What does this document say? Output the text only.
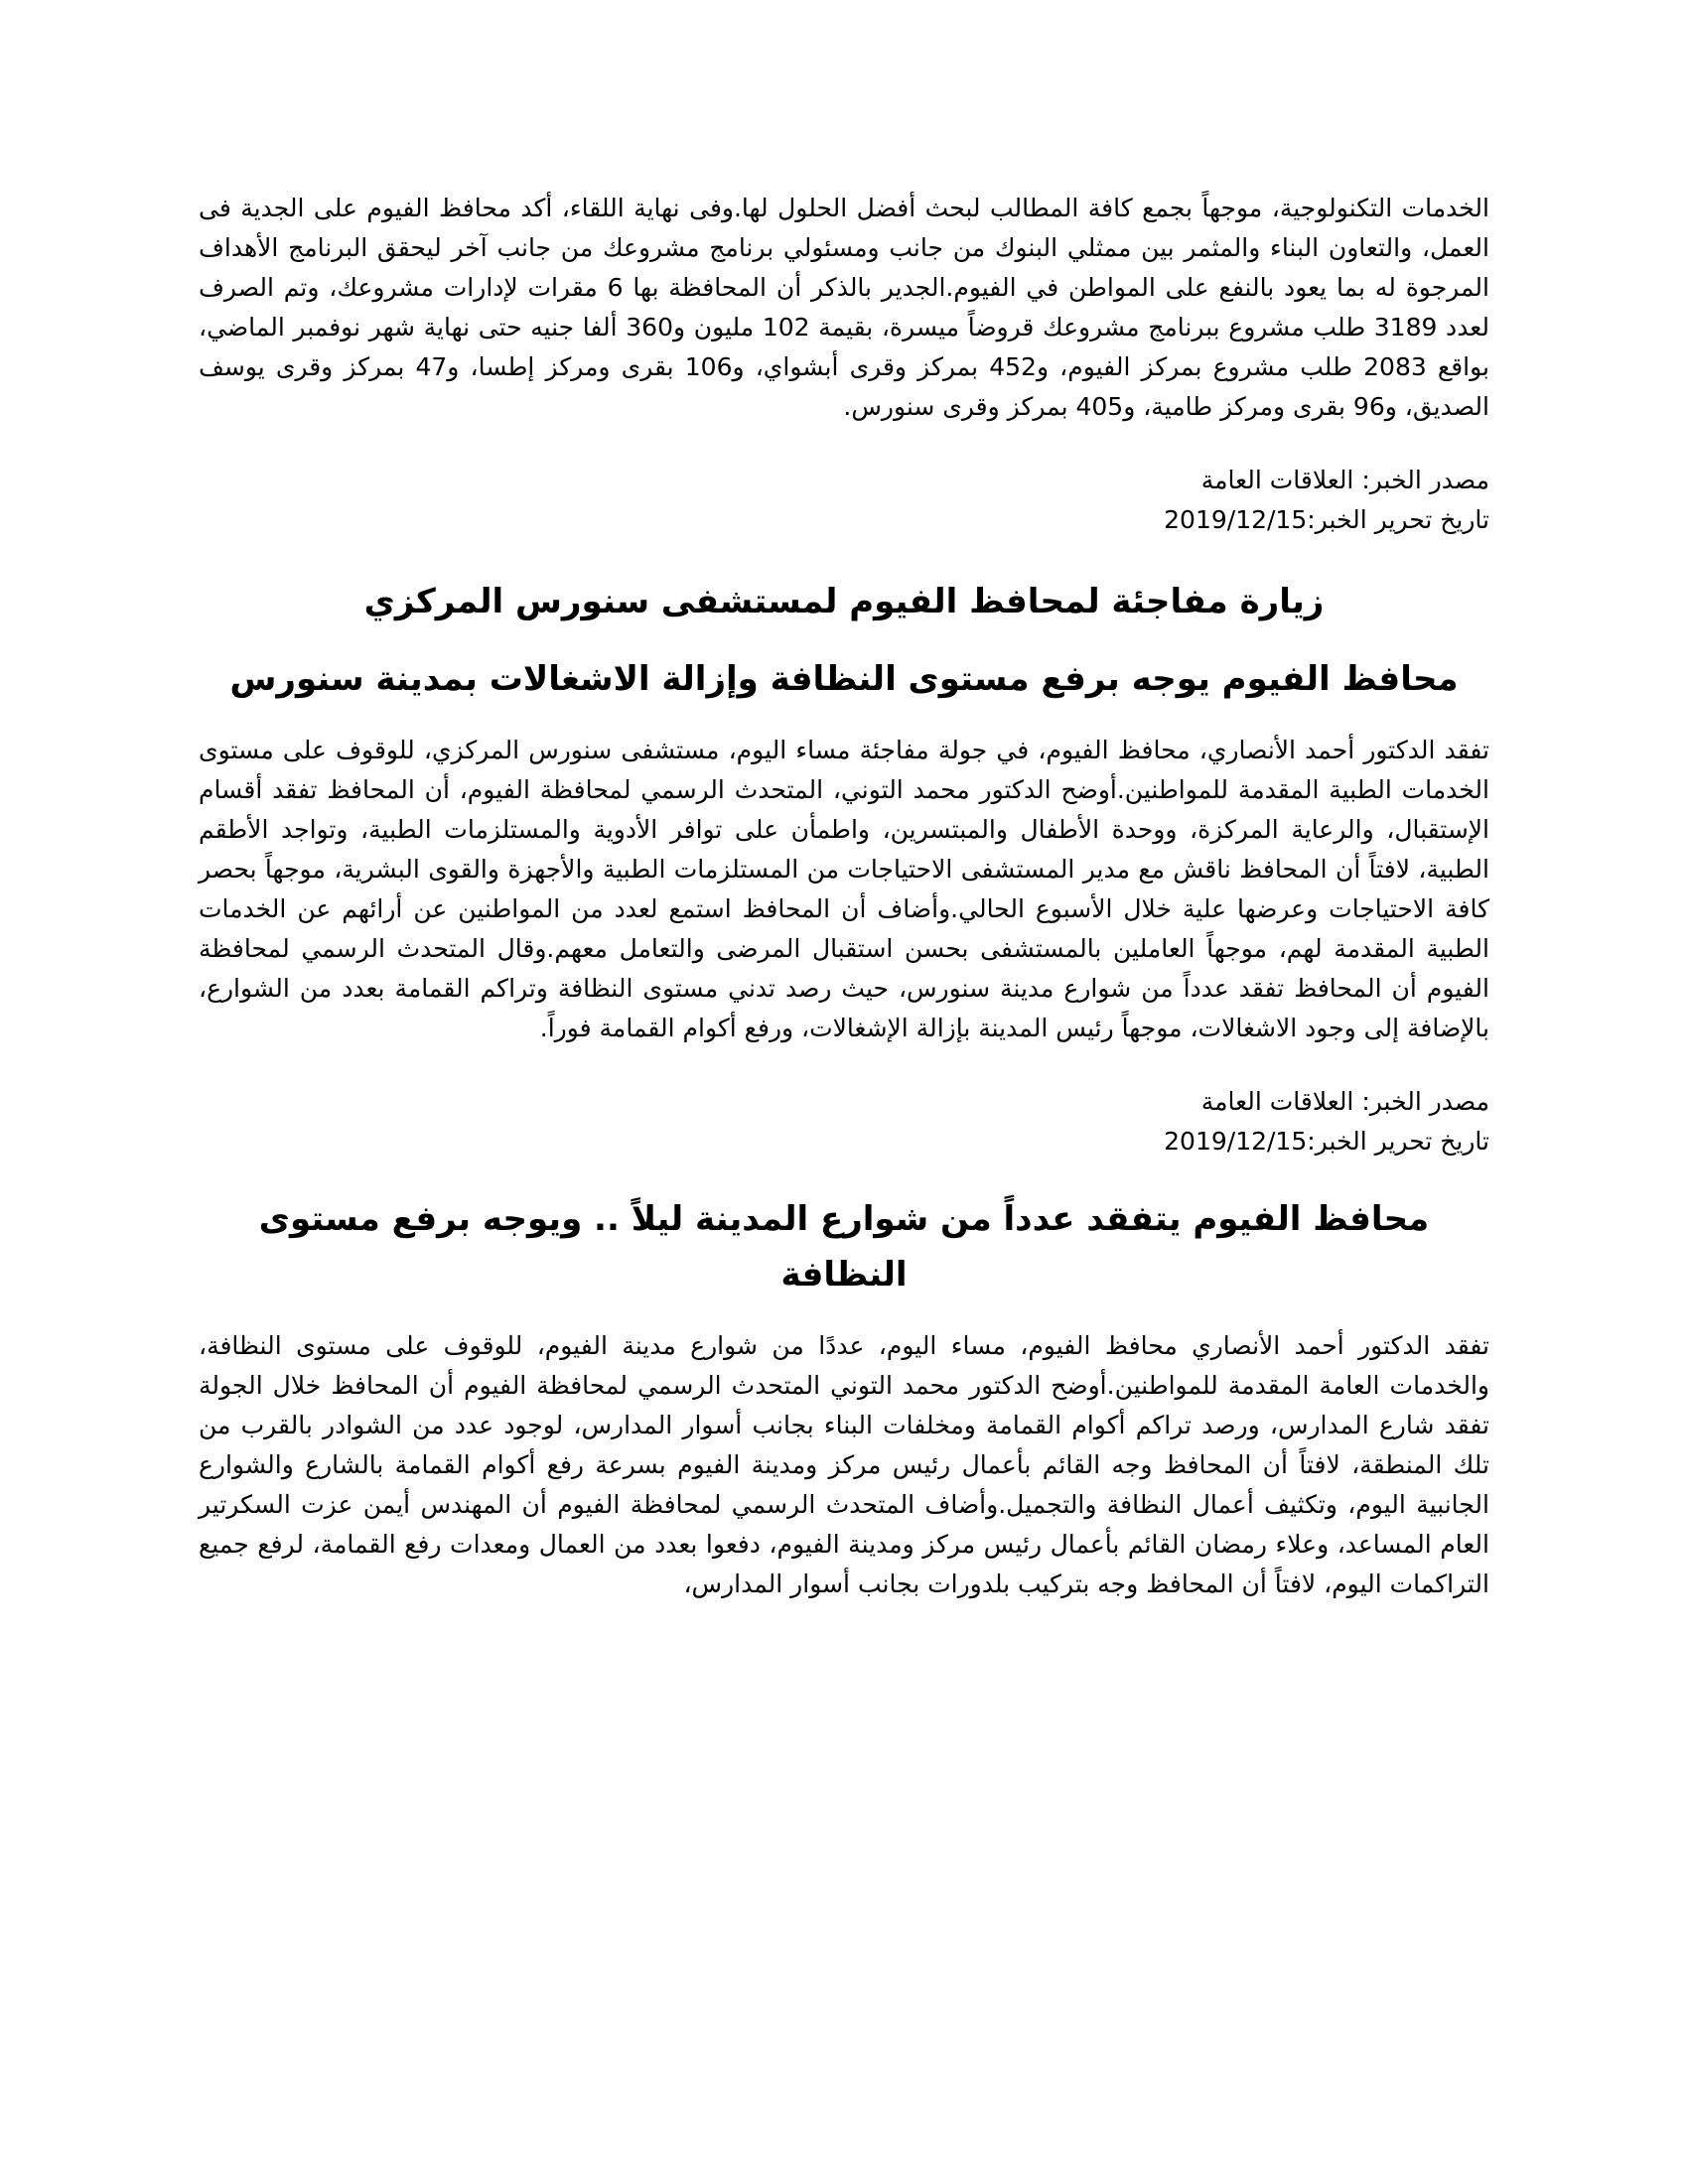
الخدمات التكنولوجية، موجهاً بجمع كافة المطالب لبحث أفضل الحلول لها.وفى نهاية اللقاء، أكد محافظ الفيوم على الجدية فى العمل، والتعاون البناء والمثمر بين ممثلي البنوك من جانب ومسئولي برنامج مشروعك من جانب آخر ليحقق البرنامج الأهداف المرجوة له بما يعود بالنفع على المواطن في الفيوم.الجدير بالذكر أن المحافظة بها 6 مقرات لإدارات مشروعك، وتم الصرف لعدد 3189 طلب مشروع ببرنامج مشروعك قروضاً ميسرة، بقيمة 102 مليون و360 ألفا جنيه حتى نهاية شهر نوفمبر الماضي، بواقع 2083 طلب مشروع بمركز الفيوم، و452 بمركز وقرى أبشواي، و106 بقرى ومركز إطسا، و47 بمركز وقرى يوسف الصديق، و96 بقرى ومركز طامية، و405 بمركز وقرى سنورس.

مصدر الخبر: العلاقات العامة

تاريخ تحرير الخبر:2019/12/15

زيارة مفاجئة لمحافظ الفيوم لمستشفى سنورس المركزي
محافظ الفيوم يوجه برفع مستوى النظافة وإزالة الاشغالات بمدينة سنورس

تفقد الدكتور أحمد الأنصاري، محافظ الفيوم، في جولة مفاجئة مساء اليوم، مستشفى سنورس المركزي، للوقوف على مستوى الخدمات الطبية المقدمة للمواطنين.أوضح الدكتور محمد التوني، المتحدث الرسمي لمحافظة الفيوم، أن المحافظ تفقد أقسام الإستقبال، والرعاية المركزة، ووحدة الأطفال والمبتسرين، واطمأن على توافر الأدوية والمستلزمات الطبية، وتواجد الأطقم الطبية، لافتاً أن المحافظ ناقش مع مدير المستشفى الاحتياجات من المستلزمات الطبية والأجهزة والقوى البشرية، موجهاً بحصر كافة الاحتياجات وعرضها علية خلال الأسبوع الحالي.وأضاف أن المحافظ استمع لعدد من المواطنين عن أرائهم عن الخدمات الطبية المقدمة لهم، موجهاً العاملين بالمستشفى بحسن استقبال المرضى والتعامل معهم.وقال المتحدث الرسمي لمحافظة الفيوم أن المحافظ تفقد عدداً من شوارع مدينة سنورس، حيث رصد تدني مستوى النظافة وتراكم القمامة بعدد من الشوارع، بالإضافة إلى وجود الاشغالات، موجهاً رئيس المدينة بإزالة الإشغالات، ورفع أكوام القمامة فوراً.

مصدر الخبر: العلاقات العامة

تاريخ تحرير الخبر:2019/12/15

محافظ الفيوم يتفقد عدداً من شوارع المدينة ليلاً .. ويوجه برفع مستوى النظافة

تفقد الدكتور أحمد الأنصاري محافظ الفيوم، مساء اليوم، عددًا من شوارع مدينة الفيوم، للوقوف على مستوى النظافة، والخدمات العامة المقدمة للمواطنين.أوضح الدكتور محمد التوني المتحدث الرسمي لمحافظة الفيوم أن المحافظ خلال الجولة تفقد شارع المدارس، ورصد تراكم أكوام القمامة ومخلفات البناء بجانب أسوار المدارس، لوجود عدد من الشوادر بالقرب من تلك المنطقة، لافتاً أن المحافظ وجه القائم بأعمال رئيس مركز ومدينة الفيوم بسرعة رفع أكوام القمامة بالشارع والشوارع الجانبية اليوم، وتكثيف أعمال النظافة والتجميل.وأضاف المتحدث الرسمي لمحافظة الفيوم أن المهندس أيمن عزت السكرتير العام المساعد، وعلاء رمضان القائم بأعمال رئيس مركز ومدينة الفيوم، دفعوا بعدد من العمال ومعدات رفع القمامة، لرفع جميع التراكمات اليوم، لافتاً أن المحافظ وجه بتركيب بلدورات بجانب أسوار المدارس،
